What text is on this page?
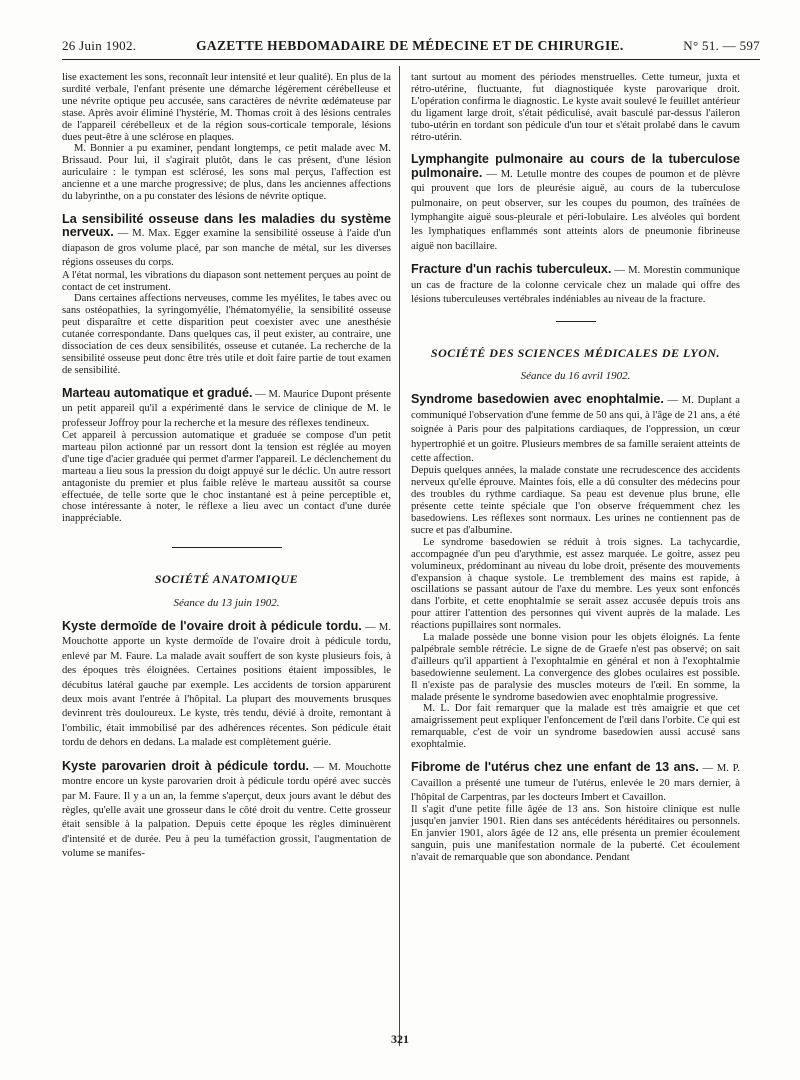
26 Juin 1902.	GAZETTE HEBDOMADAIRE DE MÉDECINE ET DE CHIRURGIE.	N° 51. — 597

lise exactement les sons, reconnaît leur intensité et leur qualité). En plus de la surdité verbale, l'enfant présente une démarche légèrement cérébelleuse et une névrite optique peu accusée, sans caractères de névrite œdémateuse par stase. Après avoir éliminé l'hystérie, M. Thomas croit à des lésions centrales de l'appareil cérébelleux et de la région sous-corticale temporale, lésions dues peut-être à une sclérose en plaques.

M. Bonnier a pu examiner, pendant longtemps, ce petit malade avec M. Brissaud. Pour lui, il s'agirait plutôt, dans le cas présent, d'une lésion auriculaire : le tympan est sclérosé, les sons mal perçus, l'affection est ancienne et a une marche progressive; de plus, dans les anciennes affections du labyrinthe, on a pu constater des lésions de névrite optique.

La sensibilité osseuse dans les maladies du système nerveux. — M. Max. Egger examine la sensibilité osseuse à l'aide d'un diapason de gros volume placé, par son manche de métal, sur les diverses régions osseuses du corps.

A l'état normal, les vibrations du diapason sont nettement perçues au point de contact de cet instrument.

Dans certaines affections nerveuses, comme les myélites, le tabes avec ou sans ostéopathies, la syringomyélie, l'hématomyélie, la sensibilité osseuse peut disparaître et cette disparition peut coexister avec une anesthésie cutanée correspondante. Dans quelques cas, il peut exister, au contraire, une dissociation de ces deux sensibilités, osseuse et cutanée. La recherche de la sensibilité osseuse peut donc être très utile et doit faire partie de tout examen de sensibilité.

Marteau automatique et gradué. — M. Maurice Dupont présente un petit appareil qu'il a expérimenté dans le service de clinique de M. le professeur Joffroy pour la recherche et la mesure des réflexes tendineux.

Cet appareil à percussion automatique et graduée se compose d'un petit marteau pilon actionné par un ressort dont la tension est réglée au moyen d'une tige d'acier graduée qui permet d'armer l'appareil. Le déclenchement du marteau a lieu sous la pression du doigt appuyé sur le déclic. Un autre ressort antagoniste du premier et plus faible relève le marteau aussitôt sa course effectuée, de telle sorte que le choc instantané est à peine perceptible et, chose intéressante à noter, le réflexe a lieu avec un contact d'une durée inappréciable.

SOCIÉTÉ ANATOMIQUE
Séance du 13 juin 1902.
Kyste dermoïde de l'ovaire droit à pédicule tordu. — M. Mouchotte apporte un kyste dermoïde de l'ovaire droit à pédicule tordu, enlevé par M. Faure. La malade avait souffert de son kyste plusieurs fois, à des époques très éloignées. Certaines positions étaient impossibles, le décubitus latéral gauche par exemple. Les accidents de torsion apparurent deux mois avant l'entrée à l'hôpital. La plupart des mouvements brusques devinrent très douloureux. Le kyste, très tendu, dévié à droite, remontant à l'ombilic, était immobilisé par des adhérences récentes. Son pédicule était tordu de dehors en dedans. La malade est complètement guérie.
Kyste parovarien droit à pédicule tordu. — M. Mouchotte montre encore un kyste parovarien droit à pédicule tordu opéré avec succès par M. Faure. Il y a un an, la femme s'aperçut, deux jours avant le début des règles, qu'elle avait une grosseur dans le côté droit du ventre. Cette grosseur était sensible à la palpation. Depuis cette époque les règles diminuèrent d'intensité et de durée. Peu à peu la tuméfaction grossit, l'augmentation de volume se manifes-

tant surtout au moment des périodes menstruelles. Cette tumeur, juxta et rétro-utérine, fluctuante, fut diagnostiquée kyste parovarique droit. L'opération confirma le diagnostic. Le kyste avait soulevé le feuillet antérieur du ligament large droit, s'était pédiculisé, avait basculé par-dessus l'aileron tubo-utérin en tordant son pédicule d'un tour et s'était prolabé dans le cavum rétro-utérin.

Lymphangite pulmonaire au cours de la tuberculose pulmonaire. — M. Letulle montre des coupes de poumon et de plèvre qui prouvent que lors de pleurésie aiguë, au cours de la tuberculose pulmonaire, on peut observer, sur les coupes du poumon, des traînées de lymphangite aiguë sous-pleurale et péri-lobulaire. Les alvéoles qui bordent les lymphatiques enflammés sont atteints alors de pneumonie fibrineuse aiguë non bacillaire.
Fracture d'un rachis tuberculeux. — M. Morestin communique un cas de fracture de la colonne cervicale chez un malade qui offre des lésions tuberculeuses vertébrales indéniables au niveau de la fracture.
SOCIÉTÉ DES SCIENCES MÉDICALES DE LYON.
Séance du 16 avril 1902.
Syndrome basedowien avec enophtalmie. — M. Duplant a communiqué l'observation d'une femme de 50 ans qui, à l'âge de 21 ans, a été soignée à Paris pour des palpitations cardiaques, de l'oppression, un cœur hypertrophié et un goitre. Plusieurs membres de sa famille seraient atteints de cette affection.

Depuis quelques années, la malade constate une recrudescence des accidents nerveux qu'elle éprouve. Maintes fois, elle a dû consulter des médecins pour des troubles du rythme cardiaque. Sa peau est devenue plus brune, elle présente cette teinte spéciale que l'on observe fréquemment chez les basedowiens. Les réflexes sont normaux. Les urines ne contiennent pas de sucre et pas d'albumine.

Le syndrome basedowien se réduit à trois signes. La tachycardie, accompagnée d'un peu d'arythmie, est assez marquée. Le goitre, assez peu volumineux, prédominant au niveau du lobe droit, présente des mouvements d'expansion à chaque systole. Le tremblement des mains est rapide, à oscillations se passant autour de l'axe du membre. Les yeux sont enfoncés dans l'orbite, et cette enophtalmie se serait assez accusée depuis trois ans pour attirer l'attention des personnes qui vivent auprès de la malade. Les réactions pupillaires sont normales.

La malade possède une bonne vision pour les objets éloignés. La fente palpébrale semble rétrécie. Le signe de de Graefe n'est pas observé; on sait d'ailleurs qu'il appartient à l'exophtalmie en général et non à l'exophtalmie basedowienne seulement. La convergence des globes oculaires est possible. Il n'existe pas de paralysie des muscles moteurs de l'œil. En somme, la malade présente le syndrome basedowien avec enophtalmie progressive.

M. L. Dor fait remarquer que la malade est très amaigrie et que cet amaigrissement peut expliquer l'enfoncement de l'œil dans l'orbite. Ce qui est remarquable, c'est de voir un syndrome basedowien aussi accusé sans exophtalmie.

Fibrome de l'utérus chez une enfant de 13 ans. — M. P. Cavaillon a présenté une tumeur de l'utérus, enlevée le 20 mars dernier, à l'hôpital de Carpentras, par les docteurs Imbert et Cavaillon.

Il s'agit d'une petite fille âgée de 13 ans. Son histoire clinique est nulle jusqu'en janvier 1901. Rien dans ses antécédents héréditaires ou personnels. En janvier 1901, alors âgée de 12 ans, elle présenta un premier écoulement sanguin, puis une manifestation normale de la puberté. Cet écoulement n'avait de remarquable que son abondance. Pendant

321
